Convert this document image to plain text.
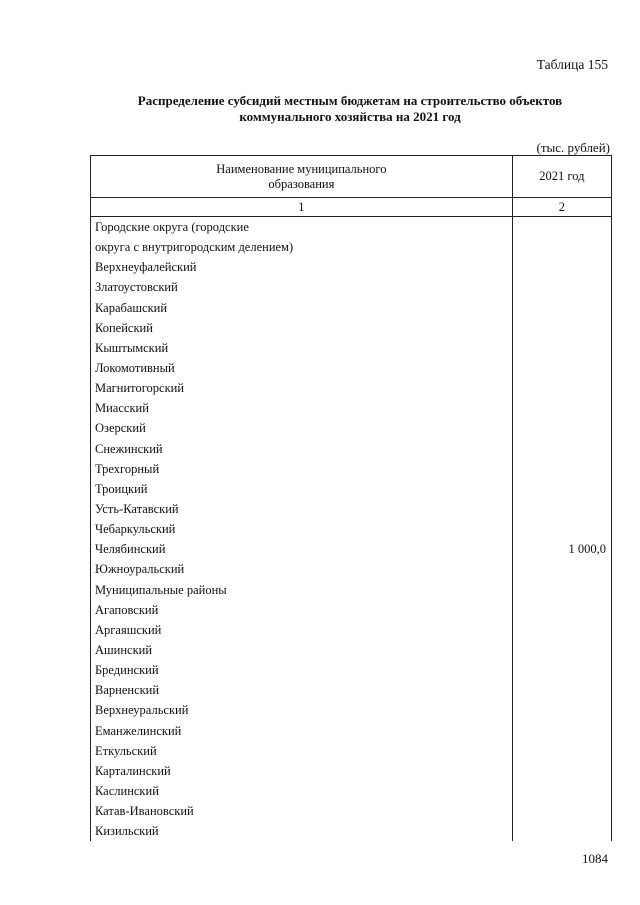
Таблица 155
Распределение субсидий местным бюджетам на строительство объектов
коммунального хозяйства на 2021 год
(тыс. рублей)
Наименование муниципального
образования	2021 год
1	2
Городские округа (городские	
округа с внутригородским делением)	
Верхнеуфалейский	
Златоустовский	
Карабашский	
Копейский	
Кыштымский	
Локомотивный	
Магнитогорский	
Миасский	
Озерский	
Снежинский	
Трехгорный	
Троицкий	
Усть-Катавский	
Чебаркульский	
Челябинский	1 000,0
Южноуральский	
Муниципальные районы	
Агаповский	
Аргаяшский	
Ашинский	
Брединский	
Варненский	
Верхнеуральский	
Еманжелинский	
Еткульский	
Карталинский	
Каслинский	
Катав-Ивановский	
Кизильский	
1084
